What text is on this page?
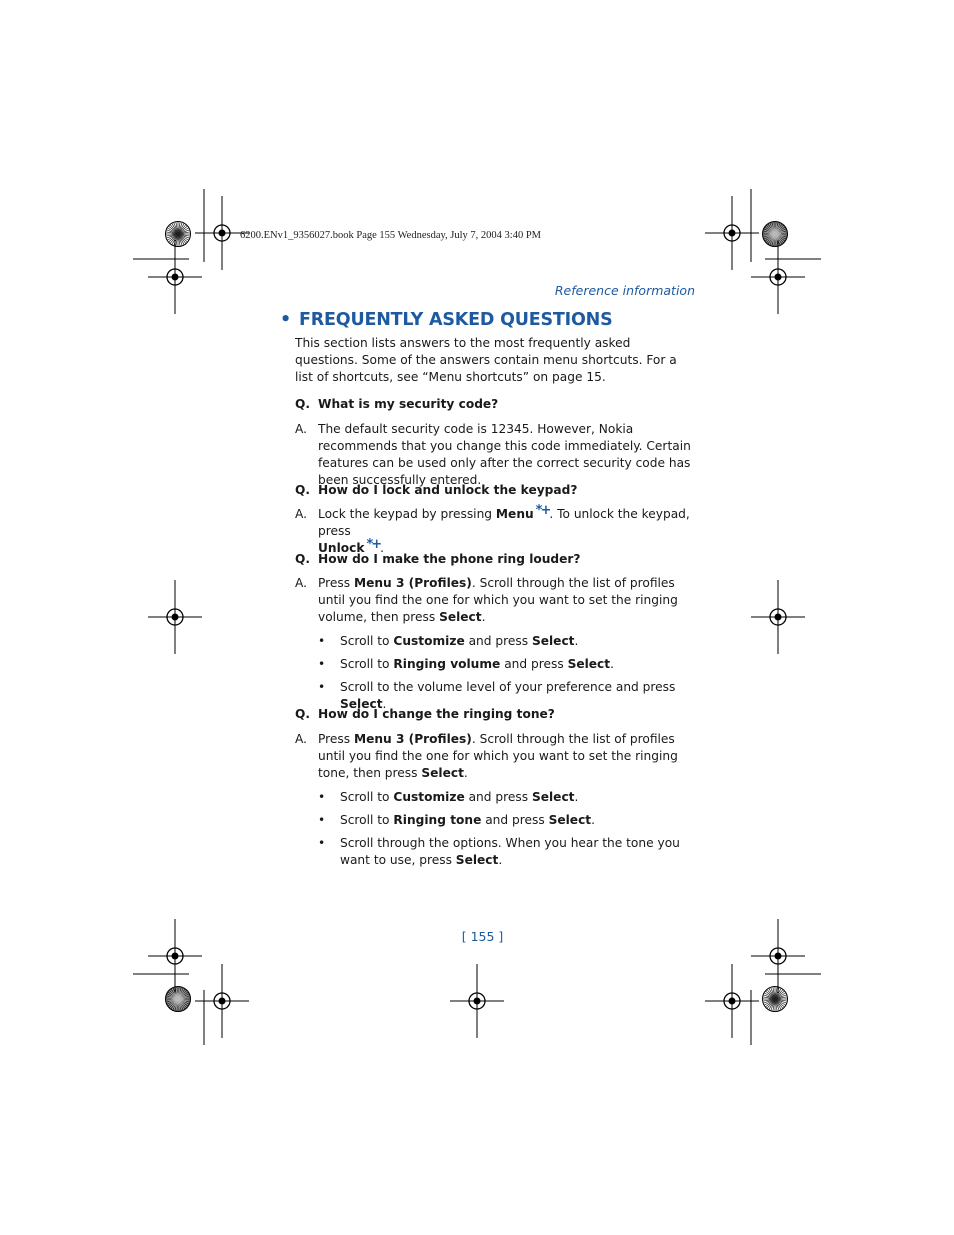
6200.ENv1_9356027.book Page 155 Wednesday, July 7, 2004 3:40 PM
Reference information
• FREQUENTLY ASKED QUESTIONS
This section lists answers to the most frequently asked questions. Some of the answers contain menu shortcuts. For a list of shortcuts, see “Menu shortcuts” on page 15.
Q. What is my security code?
A. The default security code is 12345. However, Nokia recommends that you change this code immediately. Certain features can be used only after the correct security code has been successfully entered.
Q. How do I lock and unlock the keypad?
A. Lock the keypad by pressing Menu *+. To unlock the keypad, press
Unlock *+.
Q. How do I make the phone ring louder?
A. Press Menu 3 (Profiles). Scroll through the list of profiles until you find the one for which you want to set the ringing volume, then press Select.
• Scroll to Customize and press Select.
• Scroll to Ringing volume and press Select.
• Scroll to the volume level of your preference and press Select.
Q. How do I change the ringing tone?
A. Press Menu 3 (Profiles). Scroll through the list of profiles until you find the one for which you want to set the ringing tone, then press Select.
• Scroll to Customize and press Select.
• Scroll to Ringing tone and press Select.
• Scroll through the options. When you hear the tone you want to use, press Select.
[ 155 ]
